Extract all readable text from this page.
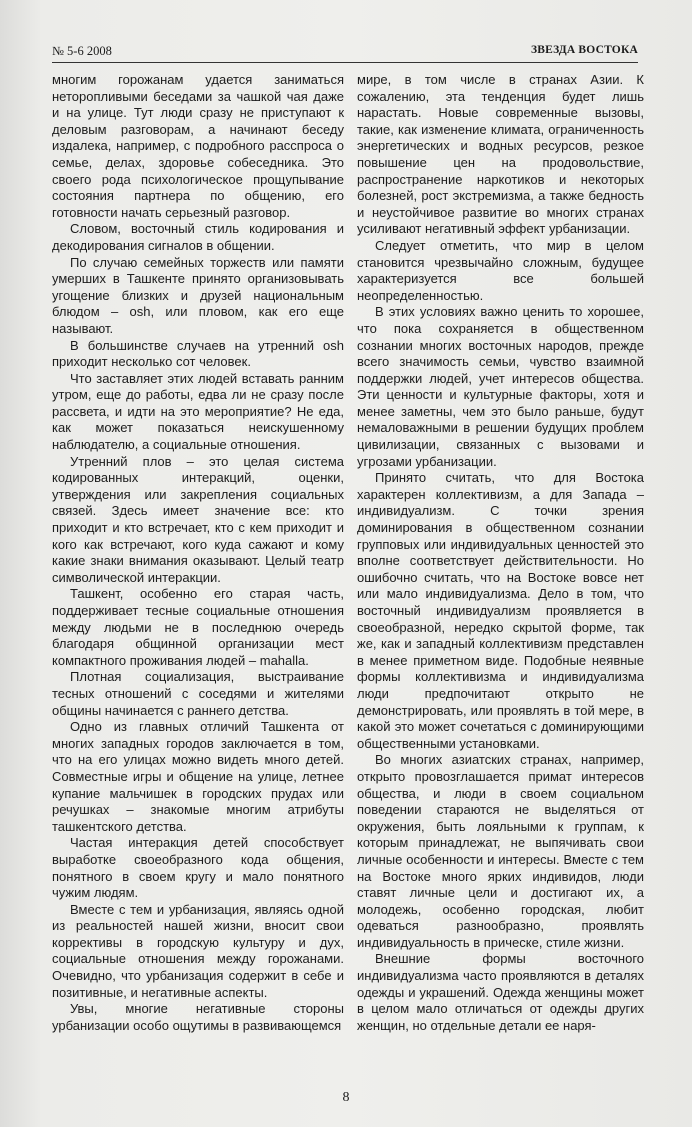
№ 5-6 2008	ЗВЕЗДА ВОСТОКА

многим горожанам удается заниматься неторопливыми беседами за чашкой чая даже и на улице. Тут люди сразу не приступают к деловым разговорам, а начинают беседу издалека, например, с подробного расспроса о семье, делах, здоровье собеседника. Это своего рода психологическое прощупывание состояния партнера по общению, его готовности начать серьезный разговор.

Словом, восточный стиль кодирования и декодирования сигналов в общении.

По случаю семейных торжеств или памяти умерших в Ташкенте принято организовывать угощение близких и друзей национальным блюдом – osh, или пловом, как его еще называют.

В большинстве случаев на утренний osh приходит несколько сот человек.

Что заставляет этих людей вставать ранним утром, еще до работы, едва ли не сразу после рассвета, и идти на это мероприятие? Не еда, как может показаться неискушенному наблюдателю, а социальные отношения.

Утренний плов – это целая система кодированных интеракций, оценки, утверждения или закрепления социальных связей. Здесь имеет значение все: кто приходит и кто встречает, кто с кем приходит и кого как встречают, кого куда сажают и кому какие знаки внимания оказывают. Целый театр символической интеракции.

Ташкент, особенно его старая часть, поддерживает тесные социальные отношения между людьми не в последнюю очередь благодаря общинной организации мест компактного проживания людей – mahalla.

Плотная социализация, выстраивание тесных отношений с соседями и жителями общины начинается с раннего детства.

Одно из главных отличий Ташкента от многих западных городов заключается в том, что на его улицах можно видеть много детей. Совместные игры и общение на улице, летнее купание мальчишек в городских прудах или речушках – знакомые многим атрибуты ташкентского детства.

Частая интеракция детей способствует выработке своеобразного кода общения, понятного в своем кругу и мало понятного чужим людям.

Вместе с тем и урбанизация, являясь одной из реальностей нашей жизни, вносит свои коррективы в городскую культуру и дух, социальные отношения между горожанами. Очевидно, что урбанизация содержит в себе и позитивные, и негативные аспекты.

Увы, многие негативные стороны урбанизации особо ощутимы в развивающемся

мире, в том числе в странах Азии. К сожалению, эта тенденция будет лишь нарастать. Новые современные вызовы, такие, как изменение климата, ограниченность энергетических и водных ресурсов, резкое повышение цен на продовольствие, распространение наркотиков и некоторых болезней, рост экстремизма, а также бедность и неустойчивое развитие во многих странах усиливают негативный эффект урбанизации.

Следует отметить, что мир в целом становится чрезвычайно сложным, будущее характеризуется все большей неопределенностью.

В этих условиях важно ценить то хорошее, что пока сохраняется в общественном сознании многих восточных народов, прежде всего значимость семьи, чувство взаимной поддержки людей, учет интересов общества. Эти ценности и культурные факторы, хотя и менее заметны, чем это было раньше, будут немаловажными в решении будущих проблем цивилизации, связанных с вызовами и угрозами урбанизации.

Принято считать, что для Востока характерен коллективизм, а для Запада – индивидуализм. С точки зрения доминирования в общественном сознании групповых или индивидуальных ценностей это вполне соответствует действительности. Но ошибочно считать, что на Востоке вовсе нет или мало индивидуализма. Дело в том, что восточный индивидуализм проявляется в своеобразной, нередко скрытой форме, так же, как и западный коллективизм представлен в менее приметном виде. Подобные неявные формы коллективизма и индивидуализма люди предпочитают открыто не демонстрировать, или проявлять в той мере, в какой это может сочетаться с доминирующими общественными установками.

Во многих азиатских странах, например, открыто провозглашается примат интересов общества, и люди в своем социальном поведении стараются не выделяться от окружения, быть лояльными к группам, к которым принадлежат, не выпячивать свои личные особенности и интересы. Вместе с тем на Востоке много ярких индивидов, люди ставят личные цели и достигают их, а молодежь, особенно городская, любит одеваться разнообразно, проявлять индивидуальность в прическе, стиле жизни.

Внешние формы восточного индивидуализма часто проявляются в деталях одежды и украшений. Одежда женщины может в целом мало отличаться от одежды других женщин, но отдельные детали ее наря-

8
